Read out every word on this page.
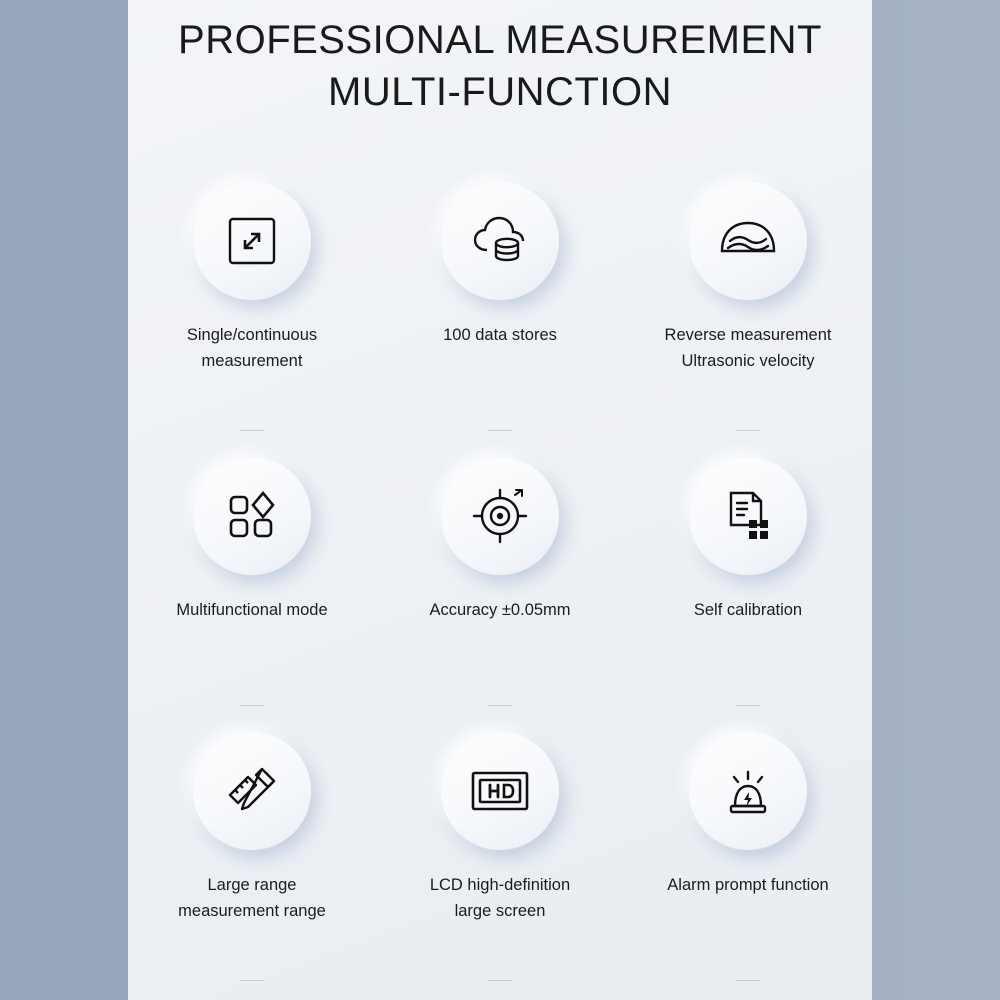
PROFESSIONAL MEASUREMENT
MULTI-FUNCTION
Single/continuous
measurement
100 data stores	Reverse measurement
Ultrasonic velocity
Multifunctional mode	Accuracy ±0.05mm	Self calibration
Large range
measurement range
LCD high-definition
large screen
Alarm prompt function
